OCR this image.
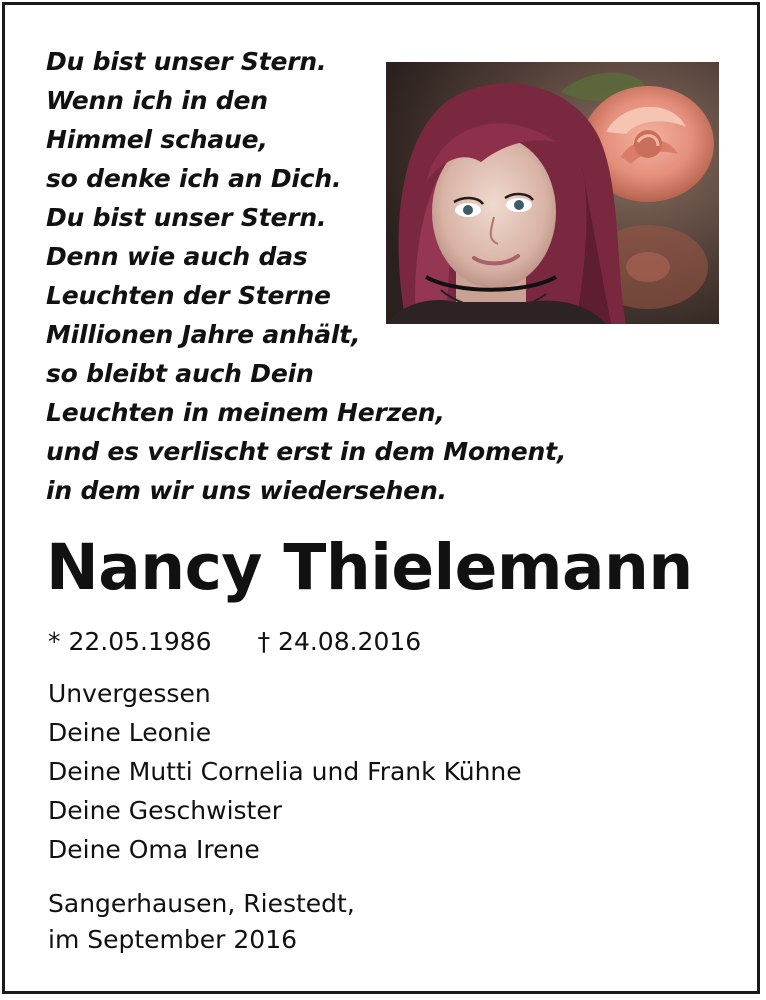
Du bist unser Stern.
Wenn ich in den
Himmel schaue,
so denke ich an Dich.
Du bist unser Stern.
Denn wie auch das
Leuchten der Sterne
Millionen Jahre anhält,
so bleibt auch Dein
Leuchten in meinem Herzen,
und es verlischt erst in dem Moment,
in dem wir uns wiedersehen.
Nancy Thielemann
* 22.05.1986 † 24.08.2016
Unvergessen
Deine Leonie
Deine Mutti Cornelia und Frank Kühne
Deine Geschwister
Deine Oma Irene
Sangerhausen, Riestedt,
im September 2016
